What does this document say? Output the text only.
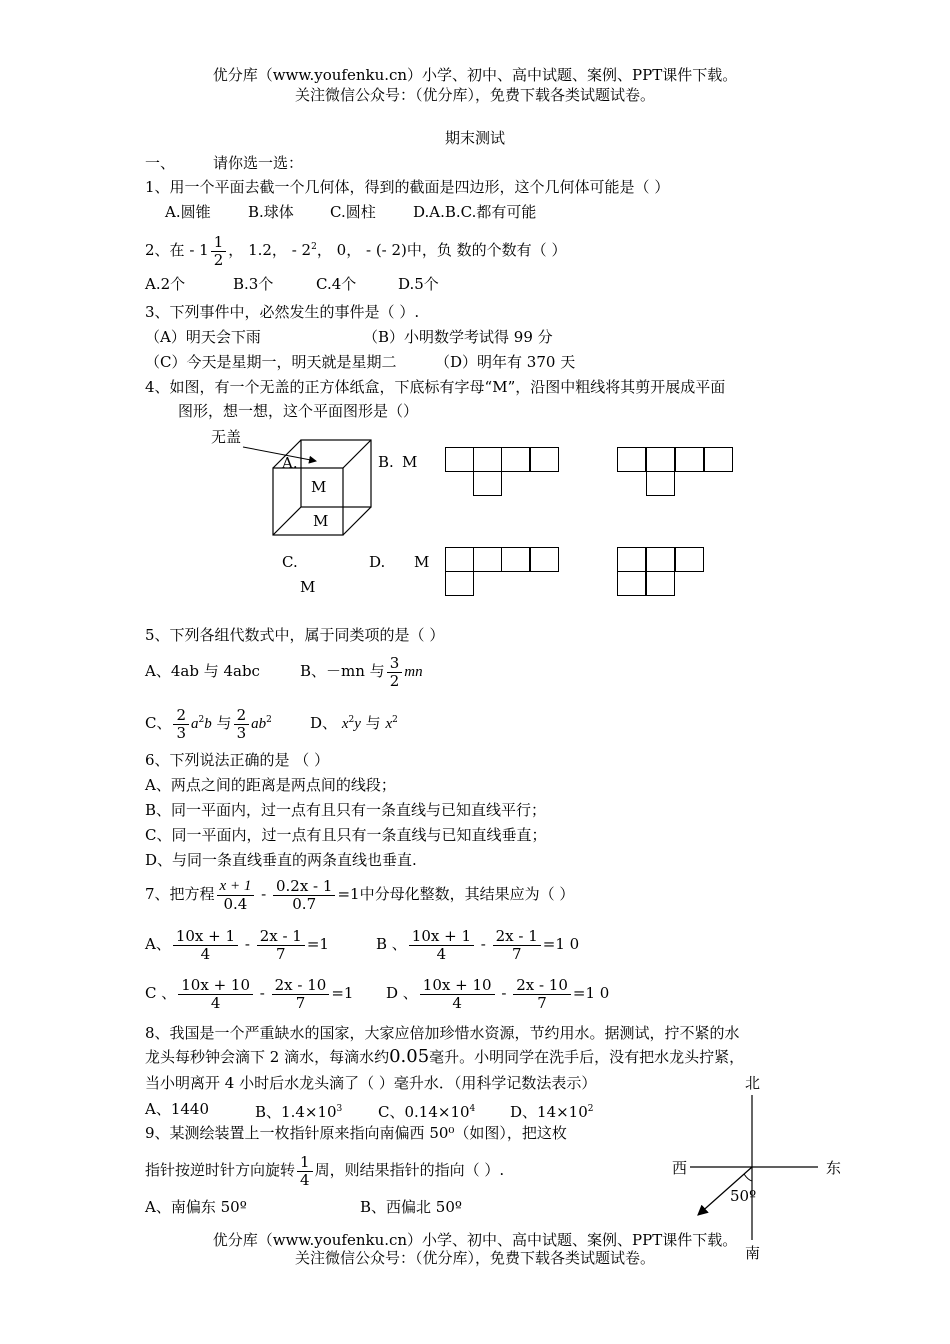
优分库（www.youfenku.cn）小学、初中、高中试题、案例、PPT课件下载。
关注微信公众号：（优分库），免费下载各类试题试卷。
期末测试
一、	请你选一选：
1、用一个平面去截一个几何体，得到的截面是四边形，这个几何体可能是（ ）
A.圆锥 B.球体 C.圆柱 D.A.B.C.都有可能
2、在 - $1 \frac{1}{2}$ ， 1.2， - $2^2$， 0， - (- 2)中，负 数的个数有（ ）
A.2个	B.3个	C.4个	D.5个
3、下列事件中，必然发生的事件是（ ）.
（A）明天会下雨	（B）小明数学考试得 99 分
（C）今天是星期一，明天就是星期二	（D）明年有 370 天
4、如图，有一个无盖的正方体纸盒，下底标有字母“M”，沿图中粗线将其剪开展成平面
图形，想一想，这个平面图形是（）
无盖
A.
M
M
B. M
C.
M
D. M
5、下列各组代数式中，属于同类项的是（ ）
A、4ab 与 4abc	B、－mn 与 $\frac{3}{2}$ mn
C、 $\frac{2}{3} a^2b$ 与 $\frac{2}{3} ab^2$	D、 $x^2y$ 与 $x^2$
6、下列说法正确的是 （ ）
A、两点之间的距离是两点间的线段；
B、同一平面内，过一点有且只有一条直线与已知直线平行；
C、同一平面内，过一点有且只有一条直线与已知直线垂直；
D、与同一条直线垂直的两条直线也垂直.
7、把方程 $\frac{x + 1}{0.4} - \frac{0.2x - 1}{0.7} =1$中分母化整数，其结果应为（ ）
A、 $\frac{10x + 1}{4} - \frac{2x - 1}{7} =1$	B 、 $\frac{10x + 1}{4} - \frac{2x - 1}{7} =1$ 0
C 、 $\frac{10x + 10}{4} - \frac{2x - 10}{7} =1$ D 、 $\frac{10x + 10}{4} - \frac{2x - 10}{7} =1$ 0
8、我国是一个严重缺水的国家，大家应倍加珍惜水资源，节约用水。据测试，拧不紧的水
龙头每秒钟会滴下 2 滴水，每滴水约0.05毫升。小明同学在洗手后，没有把水龙头拧紧，
当小明离开 4 小时后水龙头滴了（ ）毫升水．（用科学记数法表示）
A、1440	B、$1.4\times 10^3$ C、$0.14\times 10^4$ D、$14\times 10^2$
9、某测绘装置上一枚指针原来指向南偏西 50⁰（如图），把这枚
指针按逆时针方向旋转 $\frac{1}{4}$ 周，则结果指针的指向（ ）.
A、南偏东 50º	B、西偏北 50º
北
南
东
西
50º
优分库（www.youfenku.cn）小学、初中、高中试题、案例、PPT课件下载。
关注微信公众号：（优分库），免费下载各类试题试卷。
